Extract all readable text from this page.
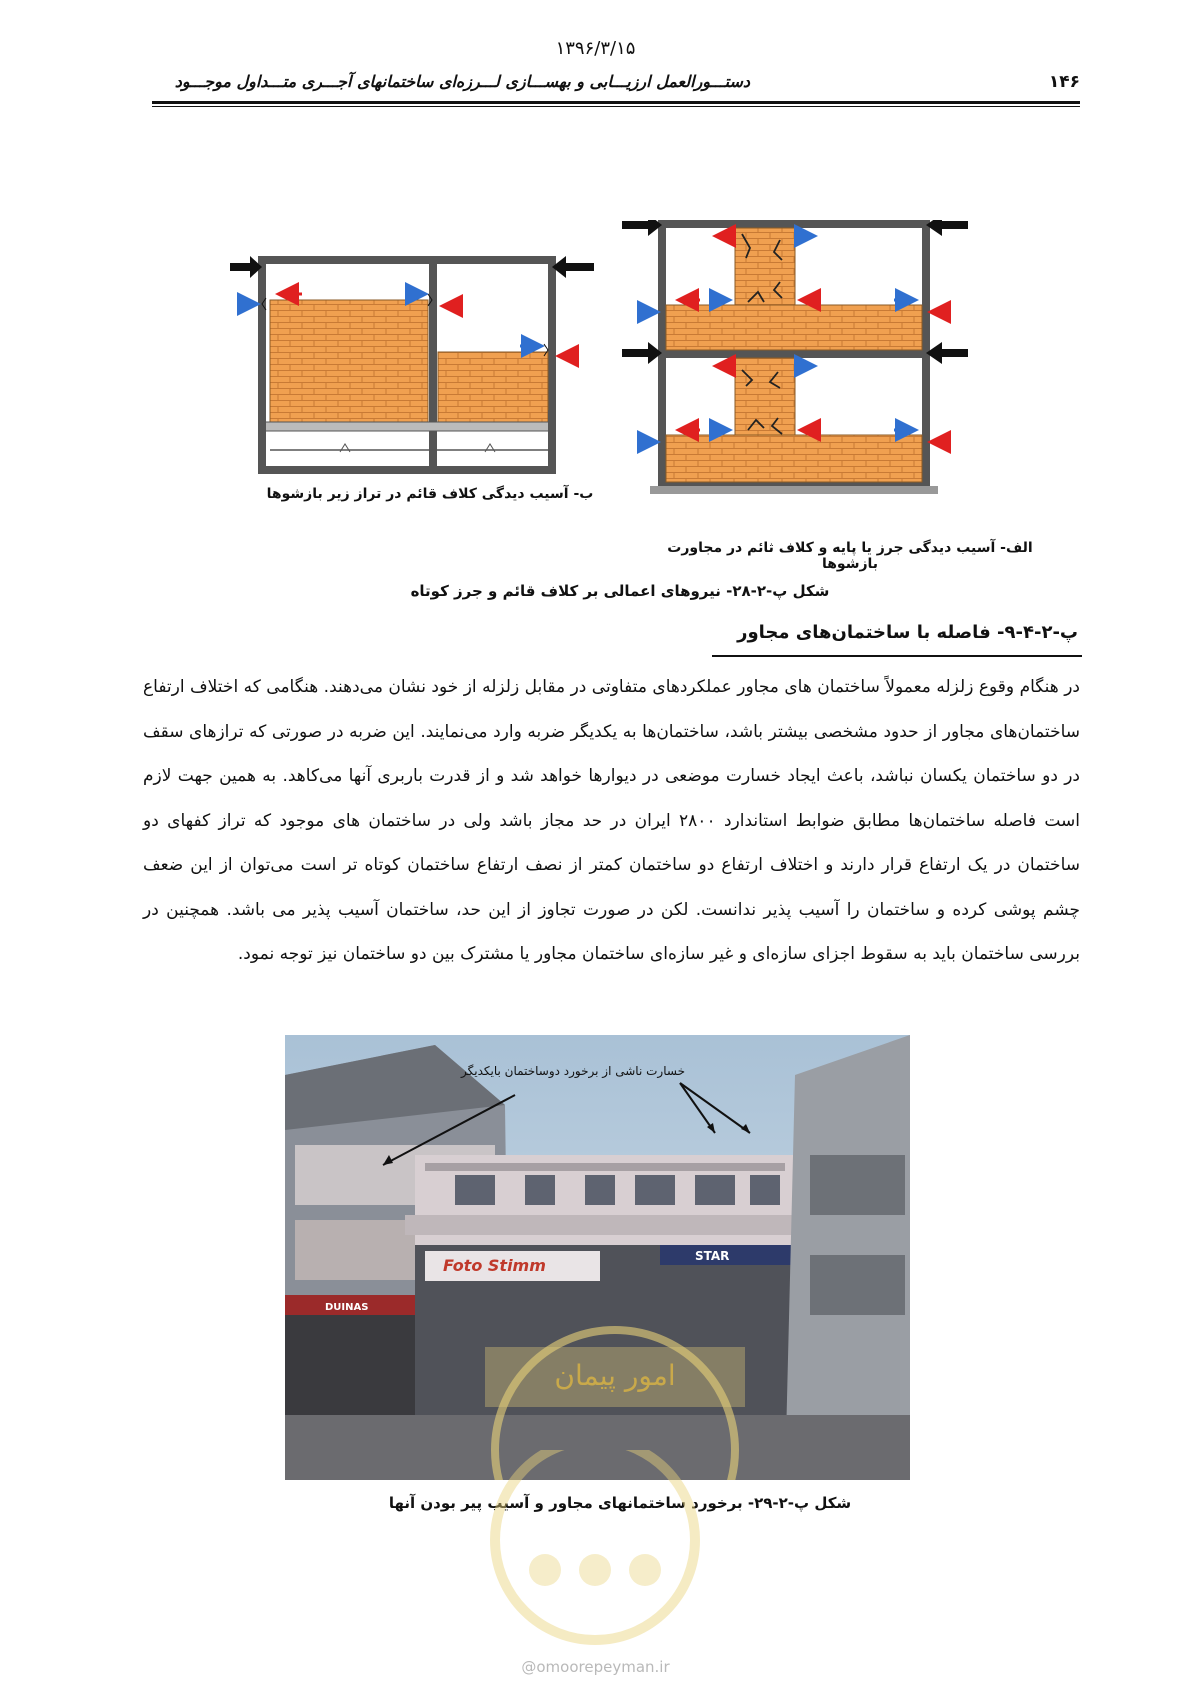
۱۳۹۶/۳/۱۵
دستـــورالعمل ارزیـــابی و بهســـازی لـــرزه‌ای ساختمانهای آجـــری متـــداول موجـــود	۱۴۶
ب- آسیب دیدگی کلاف قائم در تراز زیر بازشوها
الف- آسیب دیدگی جرز یا پایه و کلاف ثائم در مجاورت بازشوها
شکل پ-۲-۲۸- نیروهای اعمالی بر کلاف قائم و جرز کوتاه
پ-۲-۴-۹- فاصله با ساختمان‌های مجاور
در هنگام وقوع زلزله معمولاً ساختمان های مجاور عملکردهای متفاوتی در مقابل زلزله از خود نشان می‌دهند. هنگامی که اختلاف ارتفاع ساختمان‌های مجاور از حدود مشخصی بیشتر باشد، ساختمان‌ها به یکدیگر ضربه وارد می‌نمایند. این ضربه در صورتی که ترازهای سقف در دو ساختمان یکسان نباشد، باعث ایجاد خسارت موضعی در دیوارها خواهد شد و از قدرت باربری آنها می‌کاهد. به همین جهت لازم است فاصله ساختمان‌ها مطابق ضوابط استاندارد ۲۸۰۰ ایران در حد مجاز باشد ولی در ساختمان های موجود که تراز کفهای دو ساختمان در یک ارتفاع قرار دارند و اختلاف ارتفاع دو ساختمان کمتر از نصف ارتفاع ساختمان کوتاه تر است می‌توان از این ضعف چشم پوشی کرده و ساختمان را آسیب پذیر ندانست. لکن در صورت تجاوز از این حد، ساختمان آسیب پذیر می باشد. همچنین در بررسی ساختمان باید به سقوط اجزای سازه‌ای و غیر سازه‌ای ساختمان مجاور یا مشترک بین دو ساختمان نیز توجه نمود.
امور پیمان
خسارت ناشی از برخورد دوساختمان بایکدیگر
Foto Stimm	STAR
DUINAS
شکل پ-۲-۲۹- برخورد ساختمانهای مجاور و آسیب پیر بودن آنها
@omoorepeyman.ir
